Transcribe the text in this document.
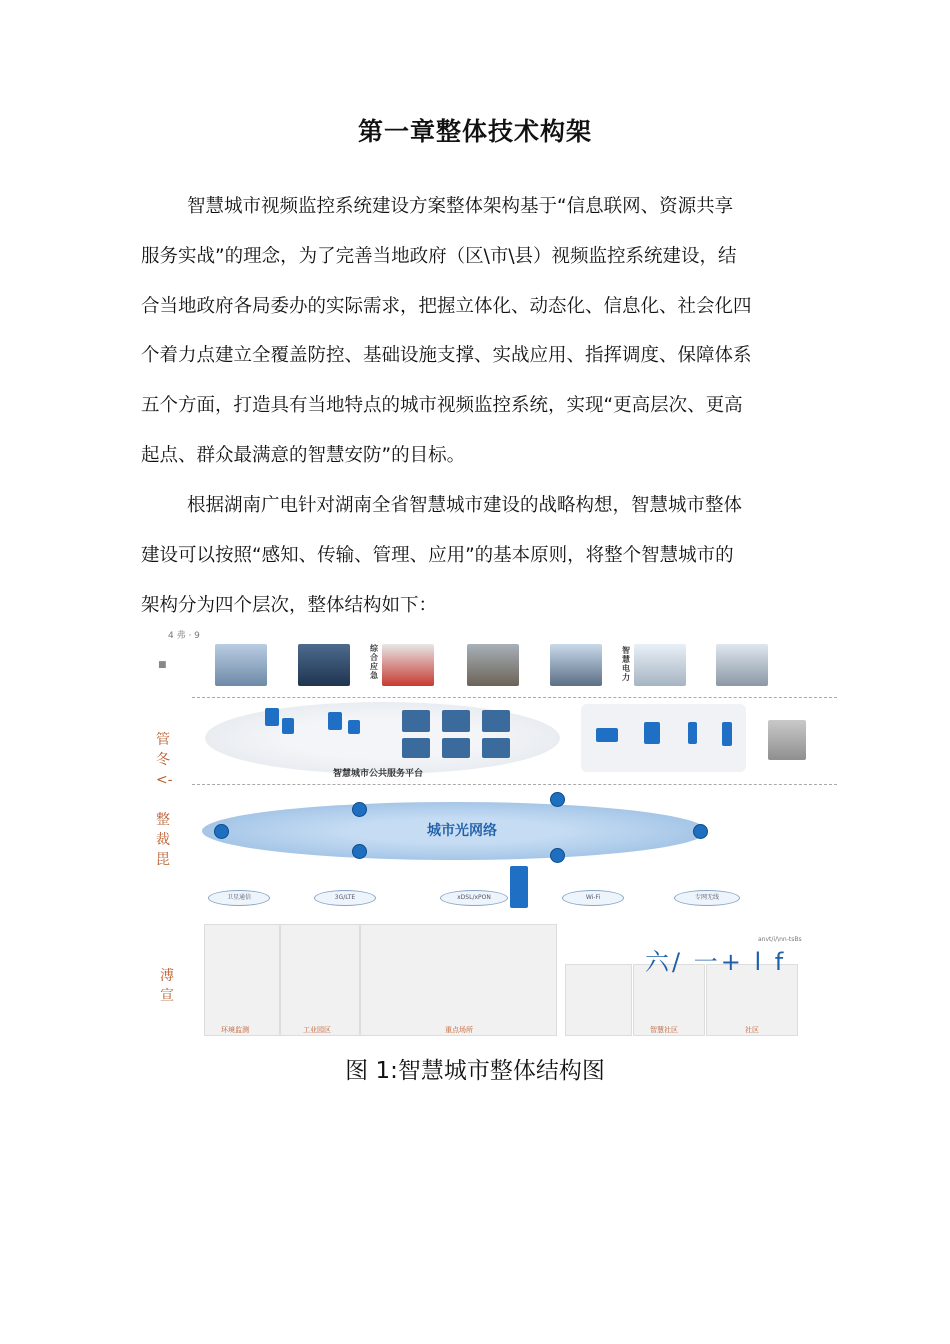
第一章整体技术构架
智慧城市视频监控系统建设方案整体架构基于“信息联网、资源共享
服务实战”的理念，为了完善当地政府（区\市\县）视频监控系统建设，结
合当地政府各局委办的实际需求，把握立体化、动态化、信息化、社会化四
个着力点建立全覆盖防控、基础设施支撑、实战应用、指挥调度、保障体系
五个方面，打造具有当地特点的城市视频监控系统，实现“更高层次、更高
起点、群众最满意的智慧安防”的目标。
根据湖南广电针对湖南全省智慧城市建设的战略构想，智慧城市整体
建设可以按照“感知、传输、管理、应用”的基本原则，将整个智慧城市的
架构分为四个层次，整体结构如下：
4 弗 · 9
■
管冬<-
整裁毘
溥宣
综合应急
智慧电力
智慧城市公共服务平台
城市光网络
卫星通信	3G/LTE	xDSL/xPON	Wi-Fi	专网无线
环境监测	工业园区	重点场所	智慧社区	社区
anvt/i/\nn-tsBs
六/ 一+ l f

图 1:智慧城市整体结构图
